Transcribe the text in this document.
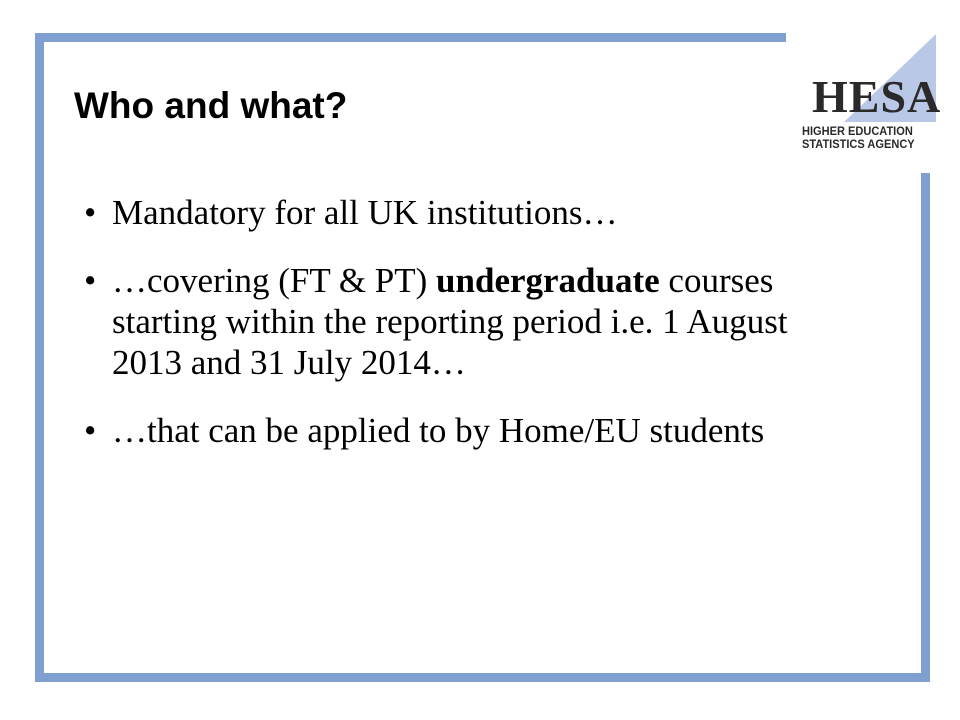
HESA
HIGHER EDUCATION
STATISTICS AGENCY
Who and what?
• Mandatory for all UK institutions…
• …covering (FT & PT) undergraduate courses starting within the reporting period i.e. 1 August 2013 and 31 July 2014…
• …that can be applied to by Home/EU students
